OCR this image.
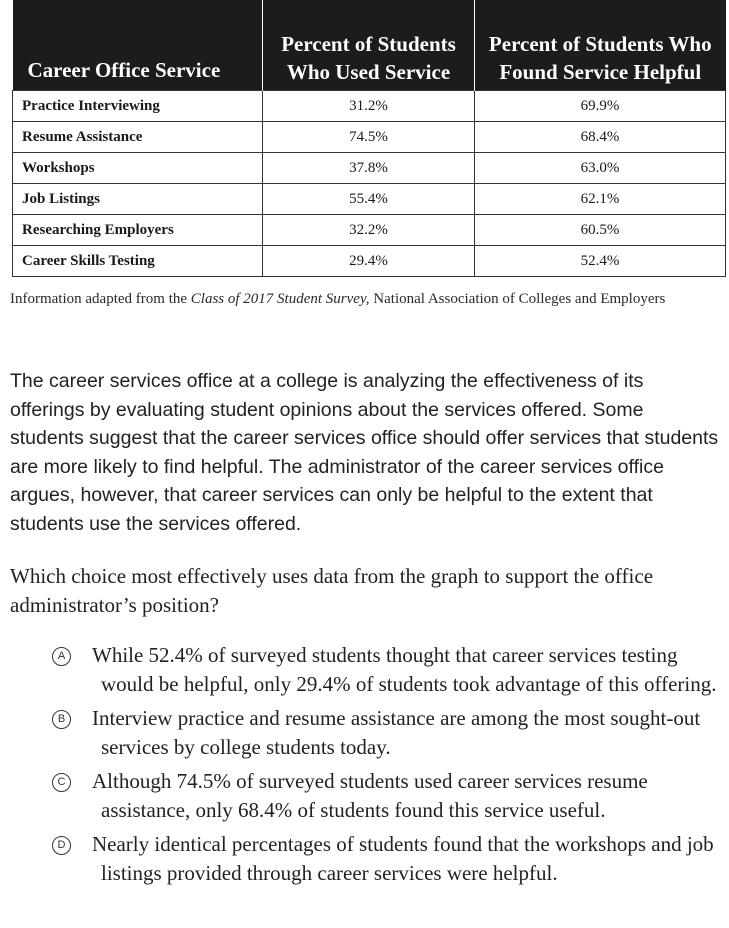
Career Office Service	Percent of Students Who Used Service	Percent of Students Who Found Service Helpful
Practice Interviewing	31.2%	69.9%
Resume Assistance	74.5%	68.4%
Workshops	37.8%	63.0%
Job Listings	55.4%	62.1%
Researching Employers	32.2%	60.5%
Career Skills Testing	29.4%	52.4%
Information adapted from the Class of 2017 Student Survey, National Association of Colleges and Employers
The career services office at a college is analyzing the effectiveness of its offerings by evaluating student opinions about the services offered. Some students suggest that the career services office should offer services that students are more likely to find helpful. The administrator of the career services office argues, however, that career services can only be helpful to the extent that students use the services offered.
Which choice most effectively uses data from the graph to support the office administrator’s position?
A While 52.4% of surveyed students thought that career services testing would be helpful, only 29.4% of students took advantage of this offering.
B Interview practice and resume assistance are among the most sought-out services by college students today.
C Although 74.5% of surveyed students used career services resume assistance, only 68.4% of students found this service useful.
D Nearly identical percentages of students found that the workshops and job listings provided through career services were helpful.
